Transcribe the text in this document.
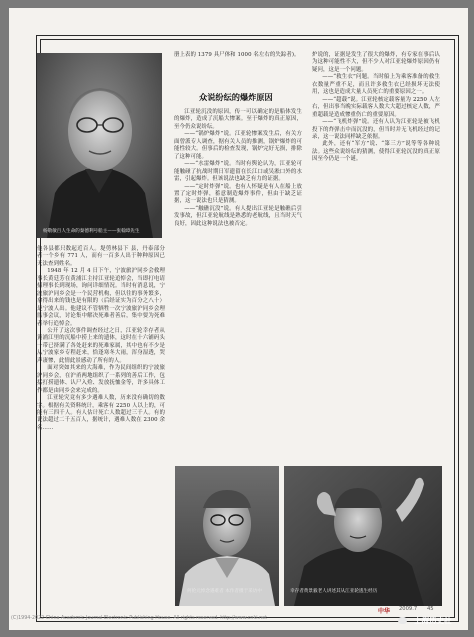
杨敬敏百人生命的秦德利号船主——张翰璋先生

他各县都只数起近百人。堤剪林县下 县，丹泰部分者一个乡有 771 人，而有一百多人出于种种原因已无法查到姓名。

1948 年 12 月 4 日下午，宁波旅沪同乡会救理事长黄廷芳在黄浦江主持江亚轮追悼会，当即打电请招理事长到现场，询问详细情况。当时有消息说，宁波旅沪同乡会是一个民营机构，但以往的事务繁多，拿得出来的钱也是有限的（后经证实为百分之八十）是宁波人出。他建议不管牺牲一次宁波旅沪同乡会理监事会议，讨论集中解决死难者善后，集中要为死难者举行追悼会。

公开了这次事件调查经过之日，江亚轮幸存者从黄浦江里的沉船中捞上来的遗体，这时在十六铺码头一带已挤满了各处赶来的死难家属，其中也有不少是从宁波家乡专程赶来，恰逢寒冬大雨，浑身湿透，哭声凄惨，此情此景感动了所有的人。

面对突如其来的大海难，作为民间组织的宁波旅沪同乡会，在沪甬两地组织了一系列的善后工作，包括打捞遗体、认尸入殓、发放抚恤金等，许多具体工作都是由同乡会来完成的。

江亚轮究竟有多少遇难人数，历来没有确切的数字。根据有关资料统计，乘客有 2250 人以上的，可能有三四千人。有人估计死亡人数超过三千人。有的说法超过二千五百人，据统计，遇难人数在 2300 余名……

册上表的 1379 具尸体和 1000 名左右的失踪者)。

众说纷纭的爆炸原因

江亚轮沉没的原因，传一可以确定的是船体发生的爆炸，造成了沉船大惨案。至于爆炸的真正原因，至今仍众说纷纭。

——“锅炉爆炸”说。江亚轮惨案发生后，有关方面曾派专人调查，据有关人员的推测，锅炉爆炸的可能性较大。但事后的检查发现，锅炉完好无损，排除了这种可能。

——“水雷爆炸”说。当时有舆论认为，江亚轮可能触碰了抗战时期日军遗留在长江口或吴淞口外的水雷，引起爆炸。但该说法也缺乏有力的证据。

——“定时炸弹”说。也有人怀疑是有人在船上放置了定时炸弹，蓄意制造爆炸事件，但由于缺乏证据，这一说法也只是猜测。

——“触礁沉没”说。有人提出江亚轮是触礁后引发事故，但江亚轮航线是熟悉的老航线，且当时天气良好，因此这种说法也被否定。

炉说的，证据是发生了很大的爆炸，有专家在事后认为这种可能性不大，但不少人对江亚轮爆炸原因仍有疑问，这是一个问题。

——“救生衣”问题。当时船上为乘客准备的救生衣数量严重不足，而且许多救生衣已经损坏无法使用，这也是造成大量人员死亡的重要原因之一。

——“超载”说。江亚轮核定载客量为 2250 人左右，但出事当晚实际载客人数大大超过核定人数，严重超载是造成惨重伤亡的重要原因。

——“飞机炸弹”说。还有人认为江亚轮是被飞机投下的炸弹击中而沉没的，但当时并无飞机经过的记录，这一说法同样缺乏依据。

此外，还有“军方”说、“第三方”说等等各种说法。这些众说纷纭的猜测，使得江亚轮沉没的真正原因至今仍是一个谜。

何伦元悼念遇难者 本作者摄于采访中	幸存者黄景毅老人讲述其从江亚轮逃生经历
中华 2009.7 45
(C)1994-2022 China Academic Journal Electronic Publishing House. All rights reserved. http://www.cnki.net	上海历史社
